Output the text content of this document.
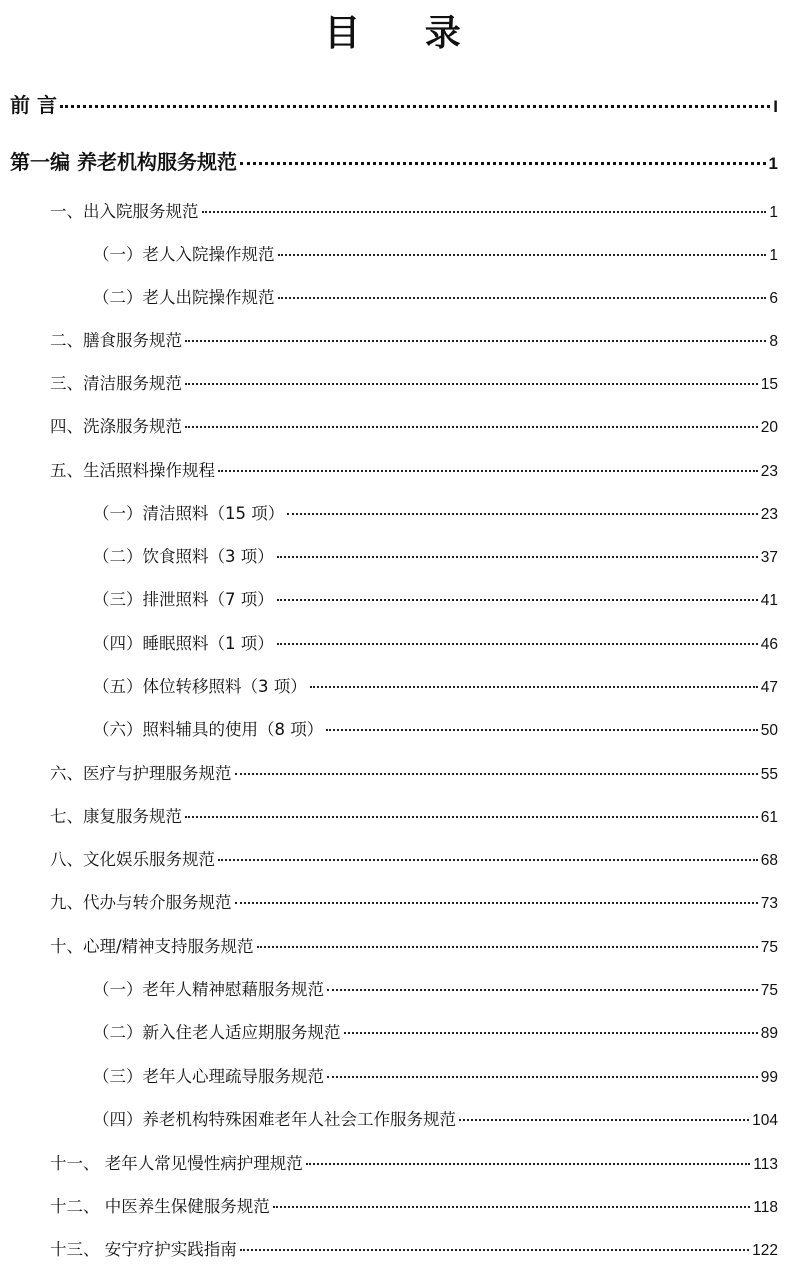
目 录
前 言	I
第一编 养老机构服务规范	1
一、出入院服务规范	1
（一）老人入院操作规范	1
（二）老人出院操作规范	6
二、膳食服务规范	8
三、清洁服务规范	15
四、洗涤服务规范	20
五、生活照料操作规程	23
（一）清洁照料（15 项）	23
（二）饮食照料（3 项）	37
（三）排泄照料（7 项）	41
（四）睡眠照料（1 项）	46
（五）体位转移照料（3 项）	47
（六）照料辅具的使用（8 项）	50
六、医疗与护理服务规范	55
七、康复服务规范	61
八、文化娱乐服务规范	68
九、代办与转介服务规范	73
十、心理/精神支持服务规范	75
（一）老年人精神慰藉服务规范	75
（二）新入住老人适应期服务规范	89
（三）老年人心理疏导服务规范	99
（四）养老机构特殊困难老年人社会工作服务规范	104
十一、 老年人常见慢性病护理规范	113
十二、 中医养生保健服务规范	118
十三、 安宁疗护实践指南	122
